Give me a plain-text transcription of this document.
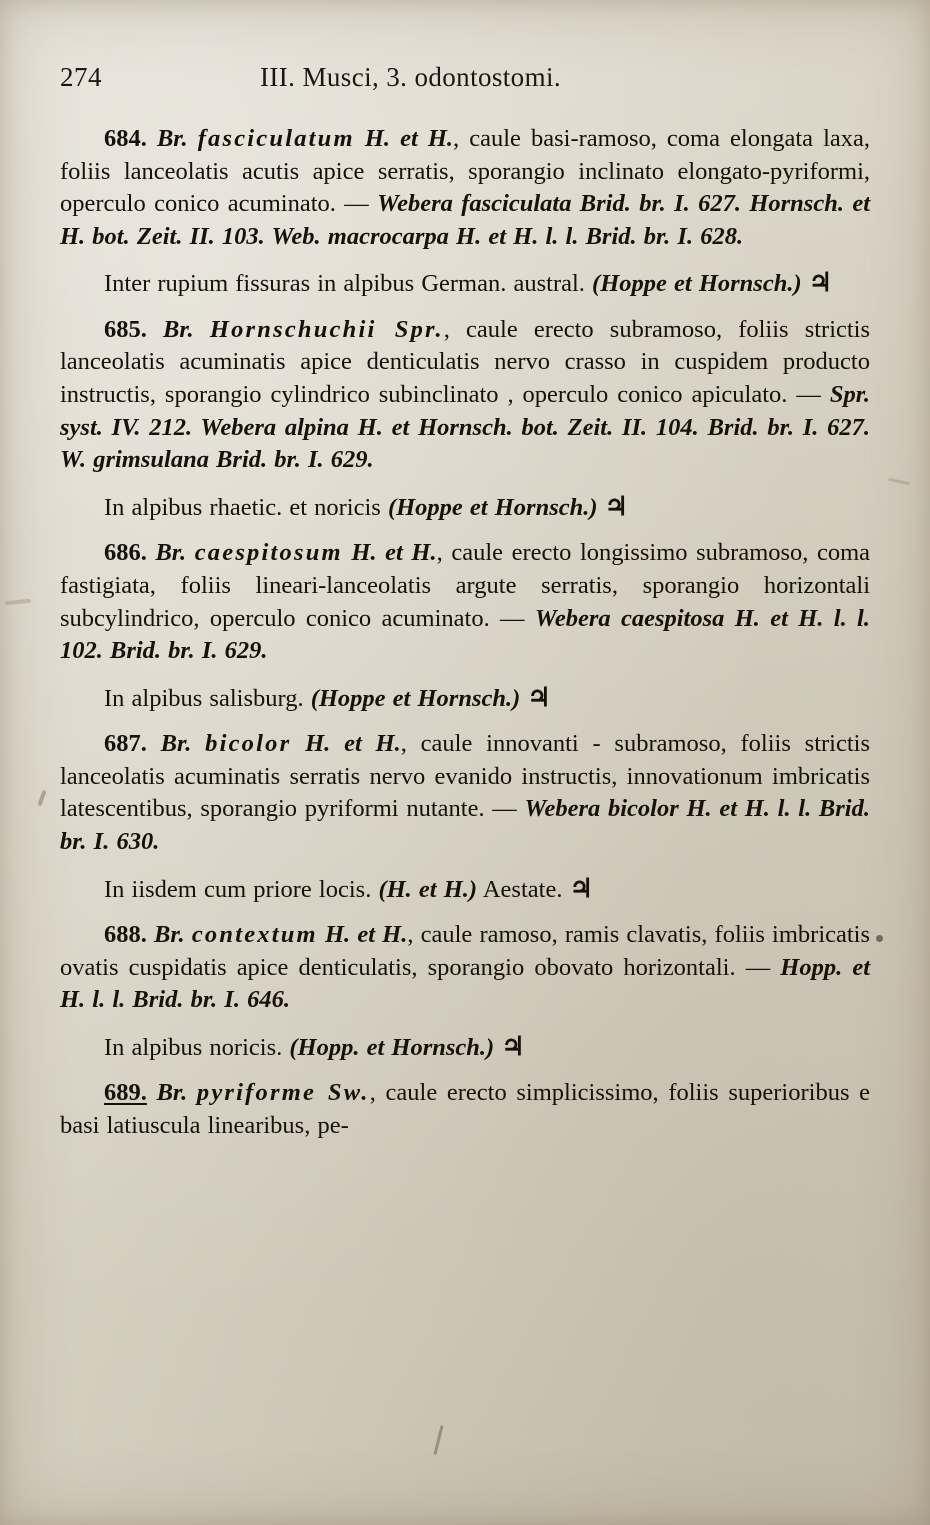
274	III. Musci, 3. odontostomi.
684. Br. fasciculatum H. et H., caule basi-ramoso, coma elongata laxa, foliis lanceolatis acutis apice serratis, sporangio inclinato elongato-pyriformi, operculo conico acuminato. — Webera fasciculata Brid. br. I. 627. Hornsch. et H. bot. Zeit. II. 103. Web. macrocarpa H. et H. l. l. Brid. br. I. 628.
Inter rupium fissuras in alpibus German. austral. (Hoppe et Hornsch.) ♃
685. Br. Hornschuchii Spr., caule erecto subramoso, foliis strictis lanceolatis acuminatis apice denticulatis nervo crasso in cuspidem producto instructis, sporangio cylindrico subinclinato , operculo conico apiculato. — Spr. syst. IV. 212. Webera alpina H. et Hornsch. bot. Zeit. II. 104. Brid. br. I. 627. W. grimsulana Brid. br. I. 629.
In alpibus rhaetic. et noricis (Hoppe et Hornsch.) ♃
686. Br. caespitosum H. et H., caule erecto longissimo subramoso, coma fastigiata, foliis lineari-lanceolatis argute serratis, sporangio horizontali subcylindrico, operculo conico acuminato. — Webera caespitosa H. et H. l. l. 102. Brid. br. I. 629.
In alpibus salisburg. (Hoppe et Hornsch.) ♃
687. Br. bicolor H. et H., caule innovanti - subramoso, foliis strictis lanceolatis acuminatis serratis nervo evanido instructis, innovationum imbricatis latescentibus, sporangio pyriformi nutante. — Webera bicolor H. et H. l. l. Brid. br. I. 630.
In iisdem cum priore locis. (H. et H.) Aestate. ♃
688. Br. contextum H. et H., caule ramoso, ramis clavatis, foliis imbricatis ovatis cuspidatis apice denticulatis, sporangio obovato horizontali. — Hopp. et H. l. l. Brid. br. I. 646.
In alpibus noricis. (Hopp. et Hornsch.) ♃
689. Br. pyriforme Sw., caule erecto simplicissimo, foliis superioribus e basi latiuscula linearibus, pe-
